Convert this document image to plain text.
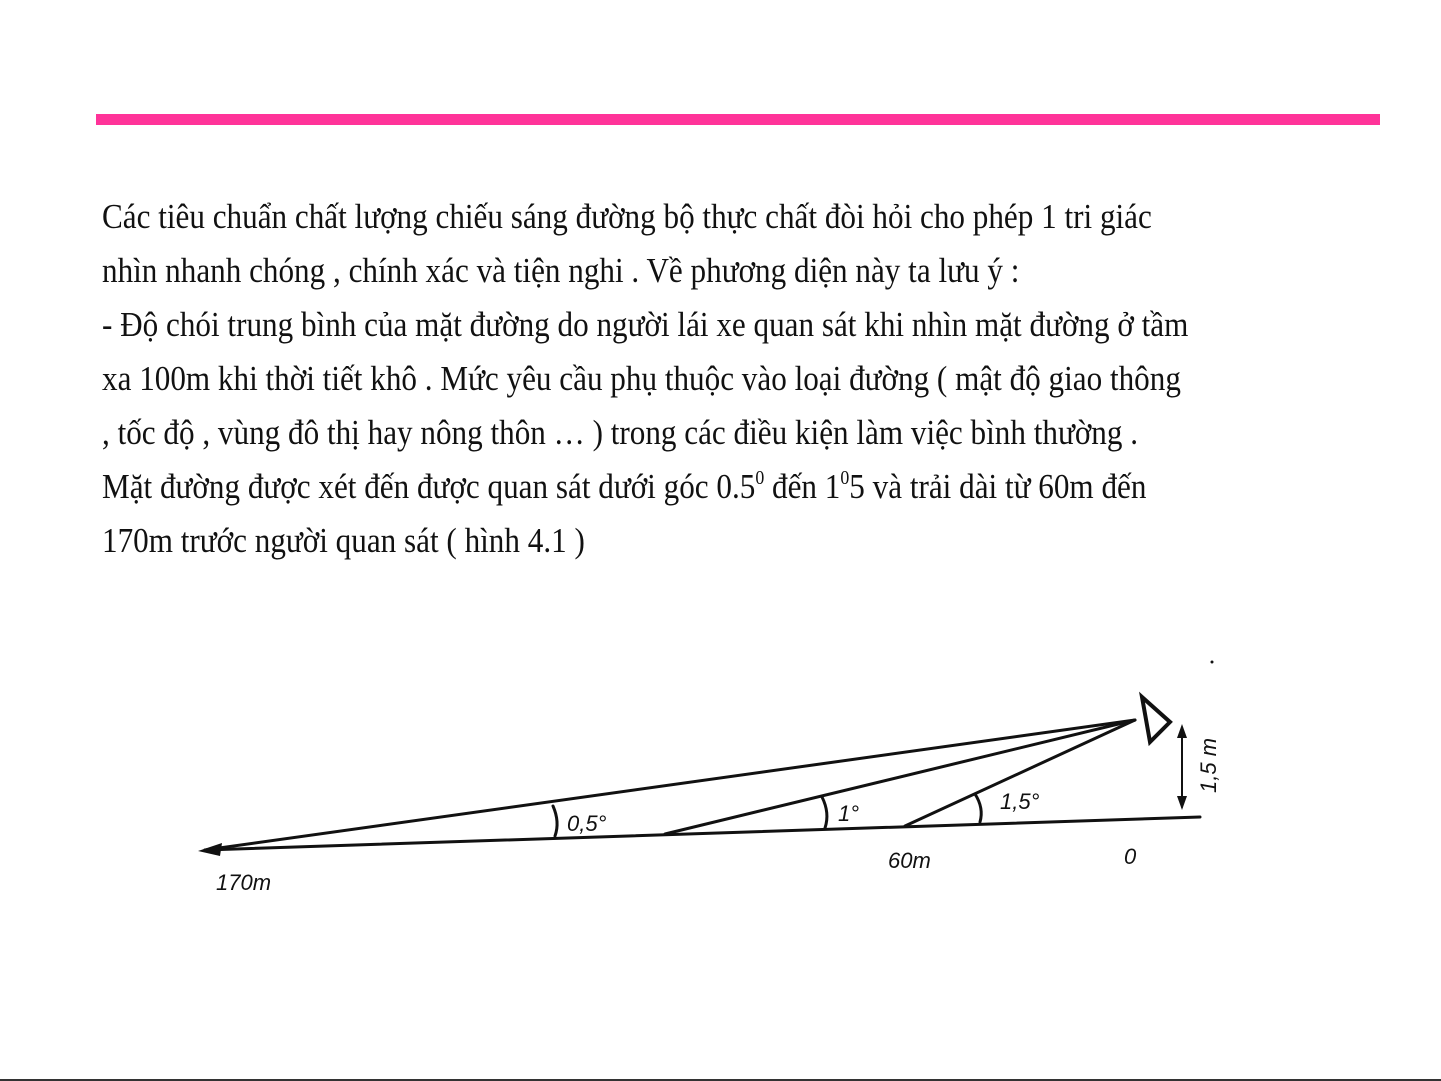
Các tiêu chuẩn chất lượng chiếu sáng đường bộ thực chất đòi hỏi cho phép 1 tri giác

nhìn nhanh chóng , chính xác và tiện nghi . Về phương diện này ta lưu ý :

- Độ chói trung bình của mặt đường do người lái xe quan sát khi nhìn mặt đường ở tầm

xa 100m khi thời tiết khô . Mức yêu cầu phụ thuộc vào loại đường ( mật độ giao thông

, tốc độ , vùng đô thị hay nông thôn … ) trong các điều kiện làm việc bình thường .

Mặt đường được xét đến được quan sát dưới góc $0.5^0$ đến $1^05$ và trải dài từ 60m đến

170m trước người quan sát ( hình 4.1 )

170m
60m	0
0,5°	1°	1,5°
1,5 m
